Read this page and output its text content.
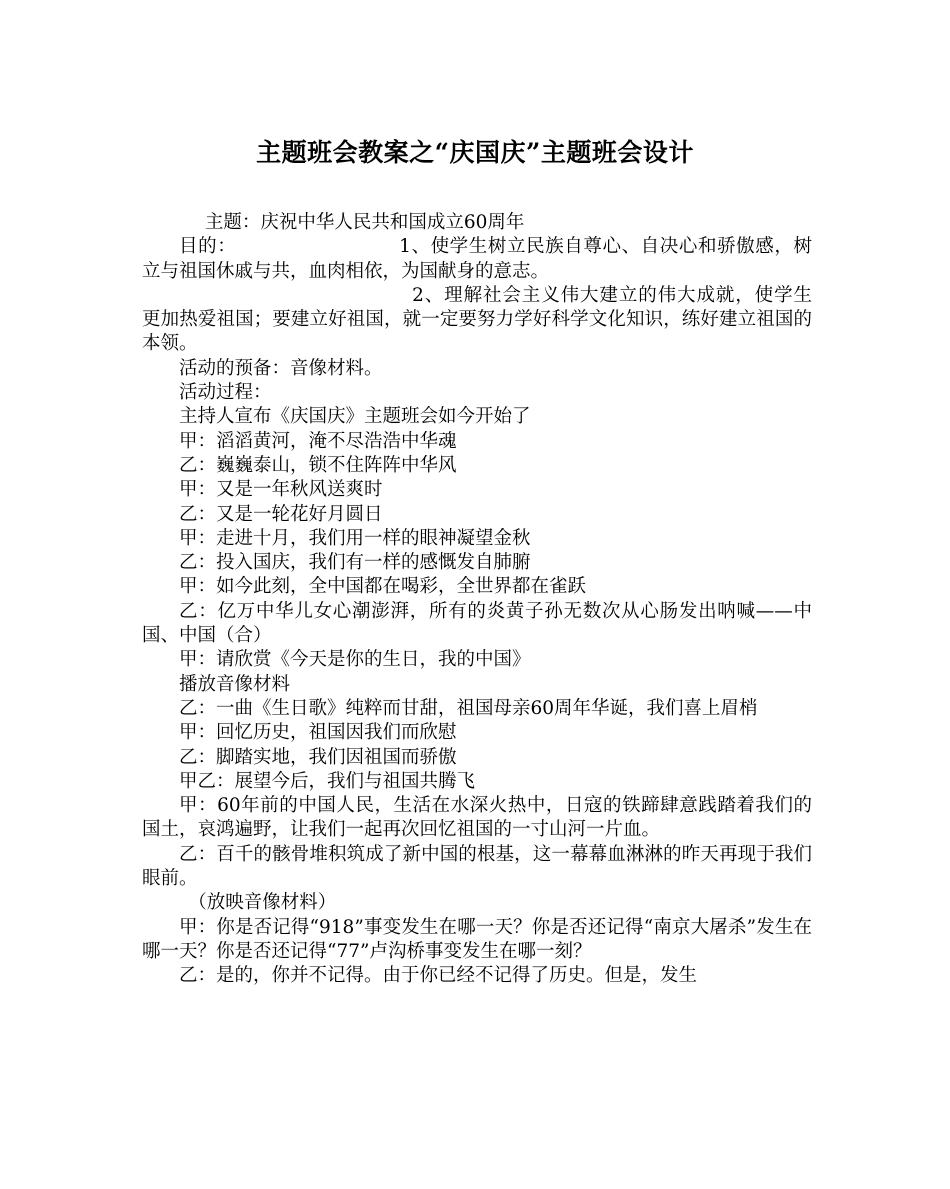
主题班会教案之“庆国庆”主题班会设计

主题：庆祝中华人民共和国成立60周年

目的：	1、使学生树立民族自尊心、自决心和骄傲感，树立与祖国休戚与共，血肉相依，为国献身的意志。

2、理解社会主义伟大建立的伟大成就，使学生更加热爱祖国；要建立好祖国，就一定要努力学好科学文化知识，练好建立祖国的本领。

活动的预备：音像材料。

活动过程：

主持人宣布《庆国庆》主题班会如今开始了

甲：滔滔黄河，淹不尽浩浩中华魂

乙：巍巍泰山，锁不住阵阵中华风

甲：又是一年秋风送爽时

乙：又是一轮花好月圆日

甲：走进十月，我们用一样的眼神凝望金秋

乙：投入国庆，我们有一样的感慨发自肺腑

甲：如今此刻，全中国都在喝彩，全世界都在雀跃

乙：亿万中华儿女心潮澎湃，所有的炎黄子孙无数次从心肠发出呐喊——中国、中国（合）

甲：请欣赏《今天是你的生日，我的中国》

播放音像材料

乙：一曲《生日歌》纯粹而甘甜，祖国母亲60周年华诞，我们喜上眉梢

甲：回忆历史，祖国因我们而欣慰

乙：脚踏实地，我们因祖国而骄傲

甲乙：展望今后，我们与祖国共腾飞

甲：60年前的中国人民，生活在水深火热中，日寇的铁蹄肆意践踏着我们的国土，哀鸿遍野，让我们一起再次回忆祖国的一寸山河一片血。

乙：百千的骸骨堆积筑成了新中国的根基，这一幕幕血淋淋的昨天再现于我们眼前。

（放映音像材料）

甲：你是否记得“918”事变发生在哪一天？你是否还记得“南京大屠杀”发生在哪一天？你是否还记得“77”卢沟桥事变发生在哪一刻？

乙：是的，你并不记得。由于你已经不记得了历史。但是，发生
